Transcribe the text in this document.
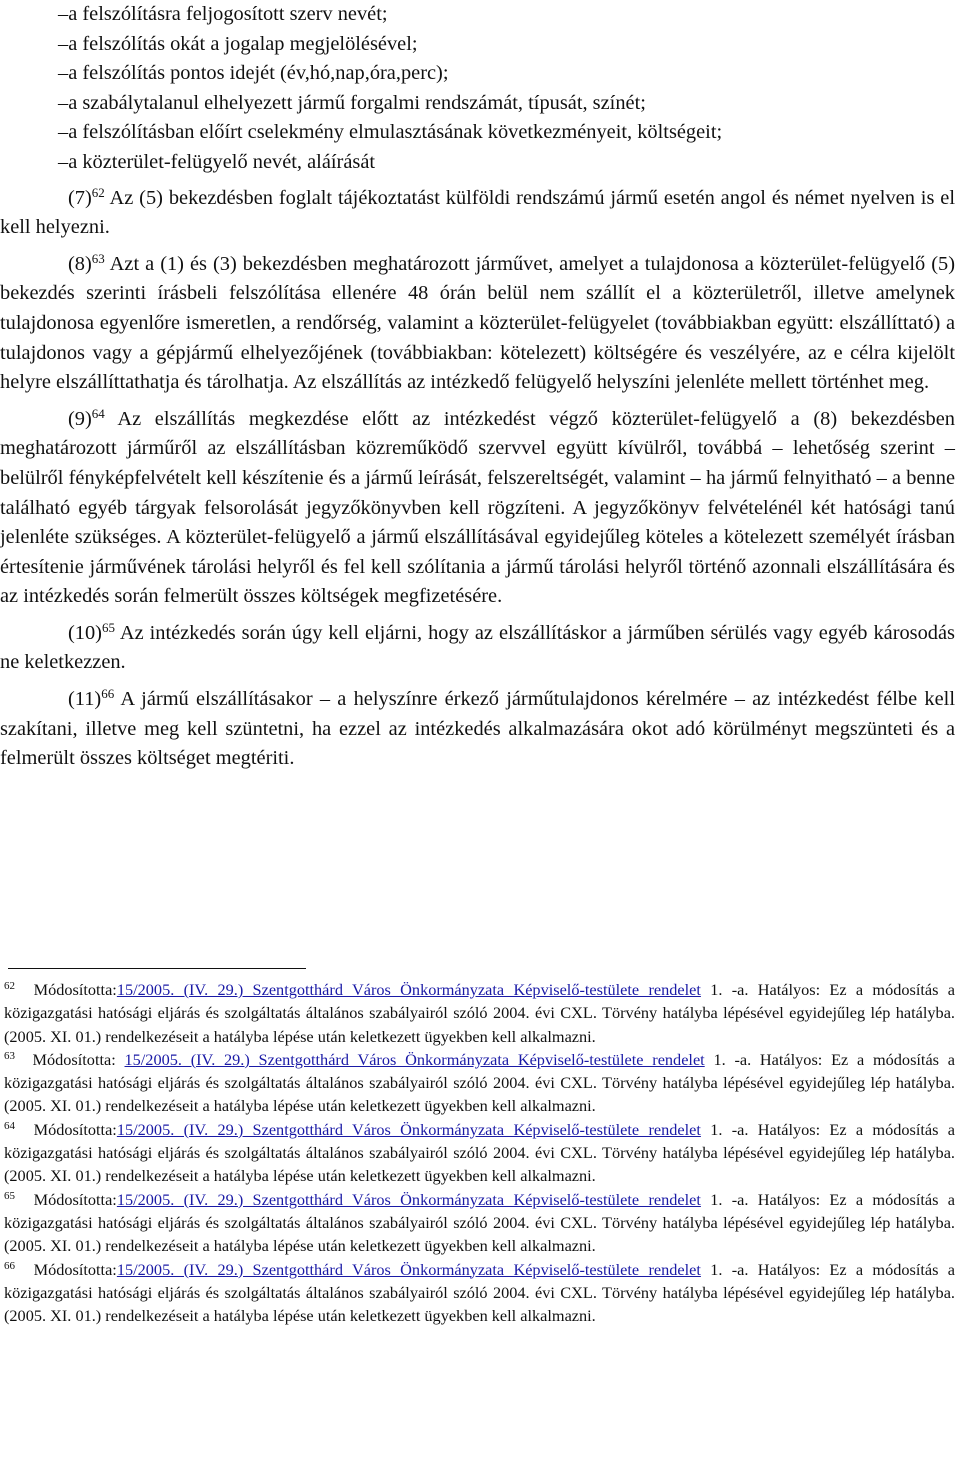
–a felszólításra feljogosított szerv nevét;

–a felszólítás okát a jogalap megjelölésével;

–a felszólítás pontos idejét (év,hó,nap,óra,perc);

–a szabálytalanul elhelyezett jármű forgalmi rendszámát, típusát, színét;

–a felszólításban előírt cselekmény elmulasztásának következményeit, költségeit;

–a közterület-felügyelő nevét, aláírását

$(7)^{62}$ Az (5) bekezdésben foglalt tájékoztatást külföldi rendszámú jármű esetén angol és német nyelven is el kell helyezni.

$(8)^{63}$ Azt a (1) és (3) bekezdésben meghatározott járművet, amelyet a tulajdonosa a közterület-felügyelő (5) bekezdés szerinti írásbeli felszólítása ellenére 48 órán belül nem szállít el a közterületről, illetve amelynek tulajdonosa egyenlőre ismeretlen, a rendőrség, valamint a közterület-felügyelet (továbbiakban együtt: elszállíttató) a tulajdonos vagy a gépjármű elhelyezőjének (továbbiakban: kötelezett) költségére és veszélyére, az e célra kijelölt helyre elszállíttathatja és tárolhatja. Az elszállítás az intézkedő felügyelő helyszíni jelenléte mellett történhet meg.

$(9)^{64}$ Az elszállítás megkezdése előtt az intézkedést végző közterület-felügyelő a (8) bekezdésben meghatározott járműről az elszállításban közreműködő szervvel együtt kívülről, továbbá – lehetőség szerint – belülről fényképfelvételt kell készítenie és a jármű leírását, felszereltségét, valamint – ha jármű felnyitható – a benne található egyéb tárgyak felsorolását jegyzőkönyvben kell rögzíteni. A jegyzőkönyv felvételénél két hatósági tanú jelenléte szükséges. A közterület-felügyelő a jármű elszállításával egyidejűleg köteles a kötelezett személyét írásban értesítenie járművének tárolási helyről és fel kell szólítania a jármű tárolási helyről történő azonnali elszállítására és az intézkedés során felmerült összes költségek megfizetésére.

$(10)^{65}$ Az intézkedés során úgy kell eljárni, hogy az elszállításkor a járműben sérülés vagy egyéb károsodás ne keletkezzen.

$(11)^{66}$ A jármű elszállításakor – a helyszínre érkező járműtulajdonos kérelmére – az intézkedést félbe kell szakítani, illetve meg kell szüntetni, ha ezzel az intézkedés alkalmazására okot adó körülményt megszünteti és a felmerült összes költséget megtériti.

$^{62}$ Módosította:15/2005. (IV. 29.) Szentgotthárd Város Önkormányzata Képviselő-testülete rendelet 1. -a. Hatályos: Ez a módosítás a közigazgatási hatósági eljárás és szolgáltatás általános szabályairól szóló 2004. évi CXL. Törvény hatályba lépésével egyidejűleg lép hatályba. (2005. XI. 01.) rendelkezéseit a hatályba lépése után keletkezett ügyekben kell alkalmazni.

$^{63}$ Módosította: 15/2005. (IV. 29.) Szentgotthárd Város Önkormányzata Képviselő-testülete rendelet 1. -a. Hatályos: Ez a módosítás a közigazgatási hatósági eljárás és szolgáltatás általános szabályairól szóló 2004. évi CXL. Törvény hatályba lépésével egyidejűleg lép hatályba. (2005. XI. 01.) rendelkezéseit a hatályba lépése után keletkezett ügyekben kell alkalmazni.

$^{64}$ Módosította:15/2005. (IV. 29.) Szentgotthárd Város Önkormányzata Képviselő-testülete rendelet 1. -a. Hatályos: Ez a módosítás a közigazgatási hatósági eljárás és szolgáltatás általános szabályairól szóló 2004. évi CXL. Törvény hatályba lépésével egyidejűleg lép hatályba. (2005. XI. 01.) rendelkezéseit a hatályba lépése után keletkezett ügyekben kell alkalmazni.

$^{65}$ Módosította:15/2005. (IV. 29.) Szentgotthárd Város Önkormányzata Képviselő-testülete rendelet 1. -a. Hatályos: Ez a módosítás a közigazgatási hatósági eljárás és szolgáltatás általános szabályairól szóló 2004. évi CXL. Törvény hatályba lépésével egyidejűleg lép hatályba. (2005. XI. 01.) rendelkezéseit a hatályba lépése után keletkezett ügyekben kell alkalmazni.

$^{66}$ Módosította:15/2005. (IV. 29.) Szentgotthárd Város Önkormányzata Képviselő-testülete rendelet 1. -a. Hatályos: Ez a módosítás a közigazgatási hatósági eljárás és szolgáltatás általános szabályairól szóló 2004. évi CXL. Törvény hatályba lépésével egyidejűleg lép hatályba. (2005. XI. 01.) rendelkezéseit a hatályba lépése után keletkezett ügyekben kell alkalmazni.
